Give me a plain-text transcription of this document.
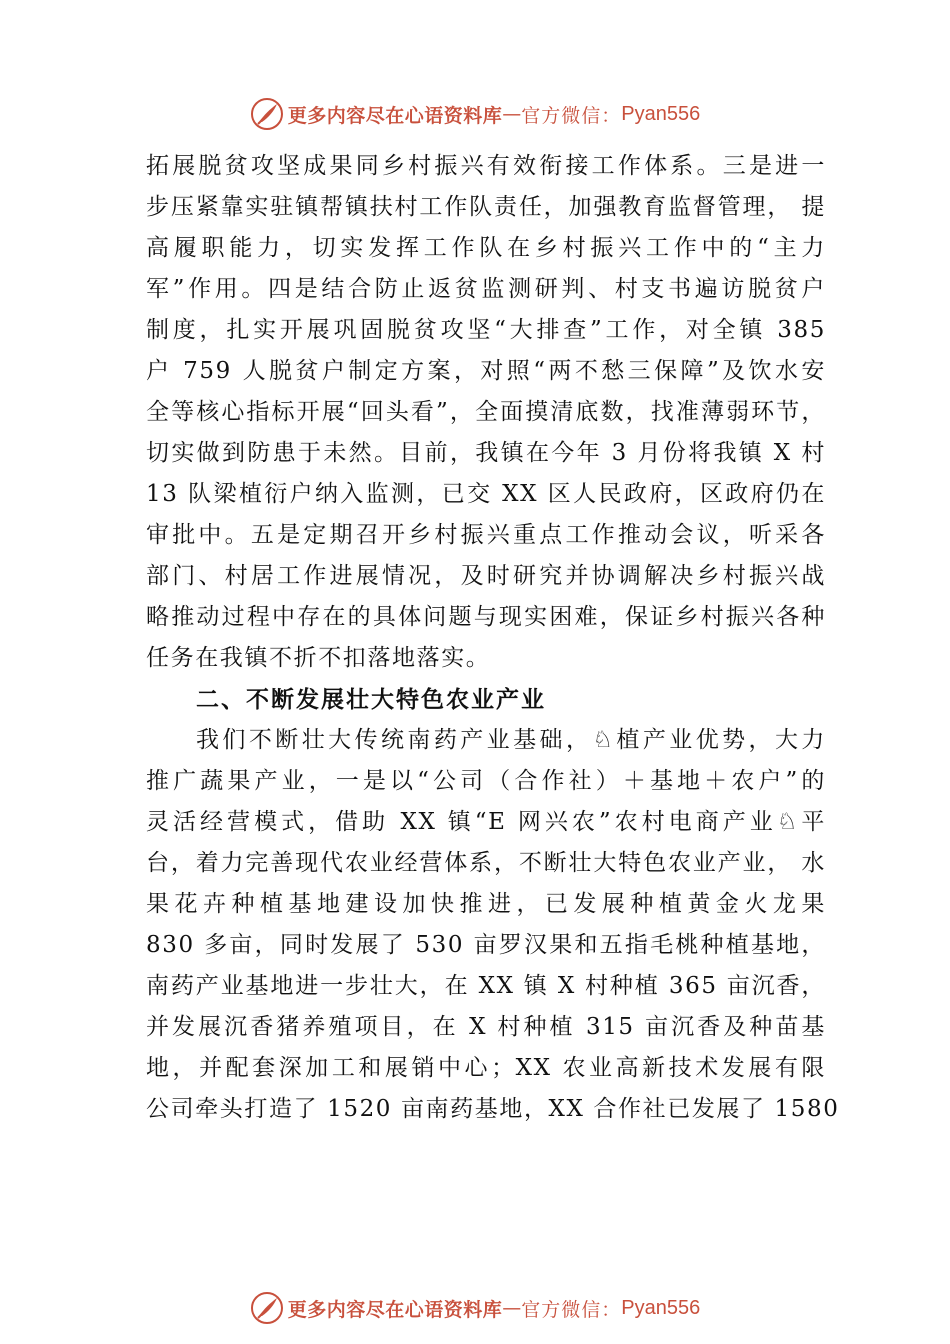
更多内容尽在心语资料库 — 官方微信： Pyan556
拓展脱贫攻坚成果同乡村振兴有效衔接工作体系。三是进一
步压紧靠实驻镇帮镇扶村工作队责任，加强教育监督管理， 提
高履职能力，切实发挥工作队在乡村振兴工作中的“主力
军”作用。四是结合防止返贫监测研判、村支书遍访脱贫户
制度，扎实开展巩固脱贫攻坚“大排查”工作，对全镇 385
户 759 人脱贫户制定方案，对照“两不愁三保障”及饮水安
全等核心指标开展“回头看”，全面摸清底数，找准薄弱环节，
切实做到防患于未然。目前，我镇在今年 3 月份将我镇 X 村
13 队梁植衍户纳入监测，已交 XX 区人民政府，区政府仍在
审批中。五是定期召开乡村振兴重点工作推动会议，听采各
部门、村居工作进展情况，及时研究并协调解决乡村振兴战
略推动过程中存在的具体问题与现实困难，保证乡村振兴各种
任务在我镇不折不扣落地落实。
二、不断发展壮大特色农业产业
我们不断壮大传统南药产业基础，♘植产业优势，大力
推广蔬果产业，一是以“公司（合作社）＋基地＋农户”的
灵活经营模式，借助 XX 镇“E 网兴农”农村电商产业♘平
台，着力完善现代农业经营体系，不断壮大特色农业产业， 水
果花卉种植基地建设加快推进，已发展种植黄金火龙果
830 多亩，同时发展了 530 亩罗汉果和五指毛桃种植基地，
南药产业基地进一步壮大，在 XX 镇 X 村种植 365 亩沉香，
并发展沉香猪养殖项目，在 X 村种植 315 亩沉香及种苗基
地，并配套深加工和展销中心；XX 农业高新技术发展有限
公司牵头打造了 1520 亩南药基地，XX 合作社已发展了 1580
更多内容尽在心语资料库 — 官方微信： Pyan556
